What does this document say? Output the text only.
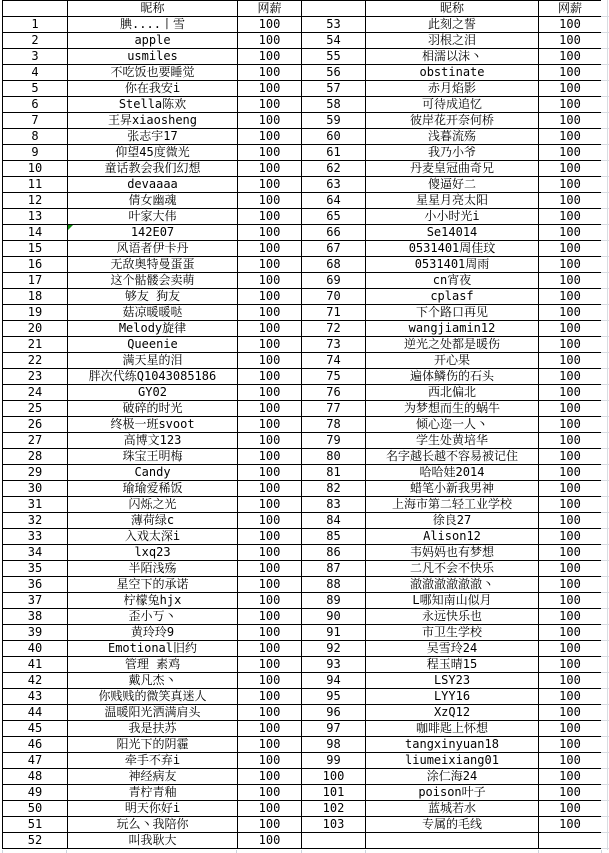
	昵称	网薪
1	腆....丨雪	100
2	apple	100
3	usmiles	100
4	不吃饭也要睡觉	100
5	你在我安i	100
6	Stella陈欢	100
7	王昇xiaosheng	100
8	张志宇17	100
9	仰望45度微光	100
10	童话教会我们幻想	100
11	devaaaa	100
12	倩女幽魂	100
13	叶家大伟	100
14	142E07	100
15	风语者伊卡丹	100
16	无敌奥特曼蛋蛋	100
17	这个骷髅会卖萌	100
18	够友 狗友	100
19	菇凉暖暖哒	100
20	Melody旋律	100
21	Queenie	100
22	满天星的泪	100
23	胖次代练Q1043085186	100
24	GY02	100
25	破碎的时光	100
26	终极一班svoot	100
27	高博文123	100
28	珠宝王明梅	100
29	Candy	100
30	瑜瑜爱稀饭	100
31	闪烁之光	100
32	薄荷绿c	100
33	入戏太深i	100
34	lxq23	100
35	半陌浅殇	100
36	星空下的承诺	100
37	柠檬兔hjx	100
38	歪小丂丶	100
39	黄玲玲9	100
40	Emotional旧约	100
41	管理 素鸡	100
42	戴凡杰丶	100
43	你贱贱的微笑真迷人	100
44	温暖阳光洒满肩头	100
45	我是扶苏	100
46	阳光下的阴霾	100
47	牵手不弃i	100
48	神经病友	100
49	青柠青釉	100
50	明天你好i	100
51	玩么丶我陪你	100
52	叫我耿大	100
	昵称	网薪
53	此刻之誓	100
54	羽根之泪	100
55	相濡以沫丶	100
56	obstinate	100
57	赤月焰影	100
58	可待成追忆	100
59	彼岸花开奈何桥	100
60	浅暮流殇	100
61	我乃小爷	100
62	丹麦皇冠曲奇兄	100
63	傻逼好二	100
64	星星月亮太阳	100
65	小小时光i	100
66	Se14014	100
67	0531401周佳玟	100
68	0531401周雨	100
69	cn宵夜	100
70	cplasf	100
71	下个路口再见	100
72	wangjiamin12	100
73	逆光之处都是暖伤	100
74	开心果	100
75	遍体鳞伤的石头	100
76	西北偏北	100
77	为梦想而生的蜗牛	100
78	倾心迩一人丶	100
79	学生处黄培华	100
80	名字越长越不容易被记住	100
81	哈哈娃2014	100
82	蜡笔小新我男神	100
83	上海市第二轻工业学校	100
84	徐良27	100
85	Alison12	100
86	韦妈妈也有梦想	100
87	二凡不会不快乐	100
88	澈澈澈澈澈澈丶	100
89	L哪知南山似月	100
90	永远快乐也	100
91	市卫生学校	100
92	吴雪玲24	100
93	程玉晴15	100
94	LSY23	100
95	LYY16	100
96	XzQ12	100
97	咖啡匙上怀想	100
98	tangxinyuan18	100
99	liumeixiang01	100
100	涂仁海24	100
101	poison叶子	100
102	蓝城若水	100
103	专属的毛线	100
